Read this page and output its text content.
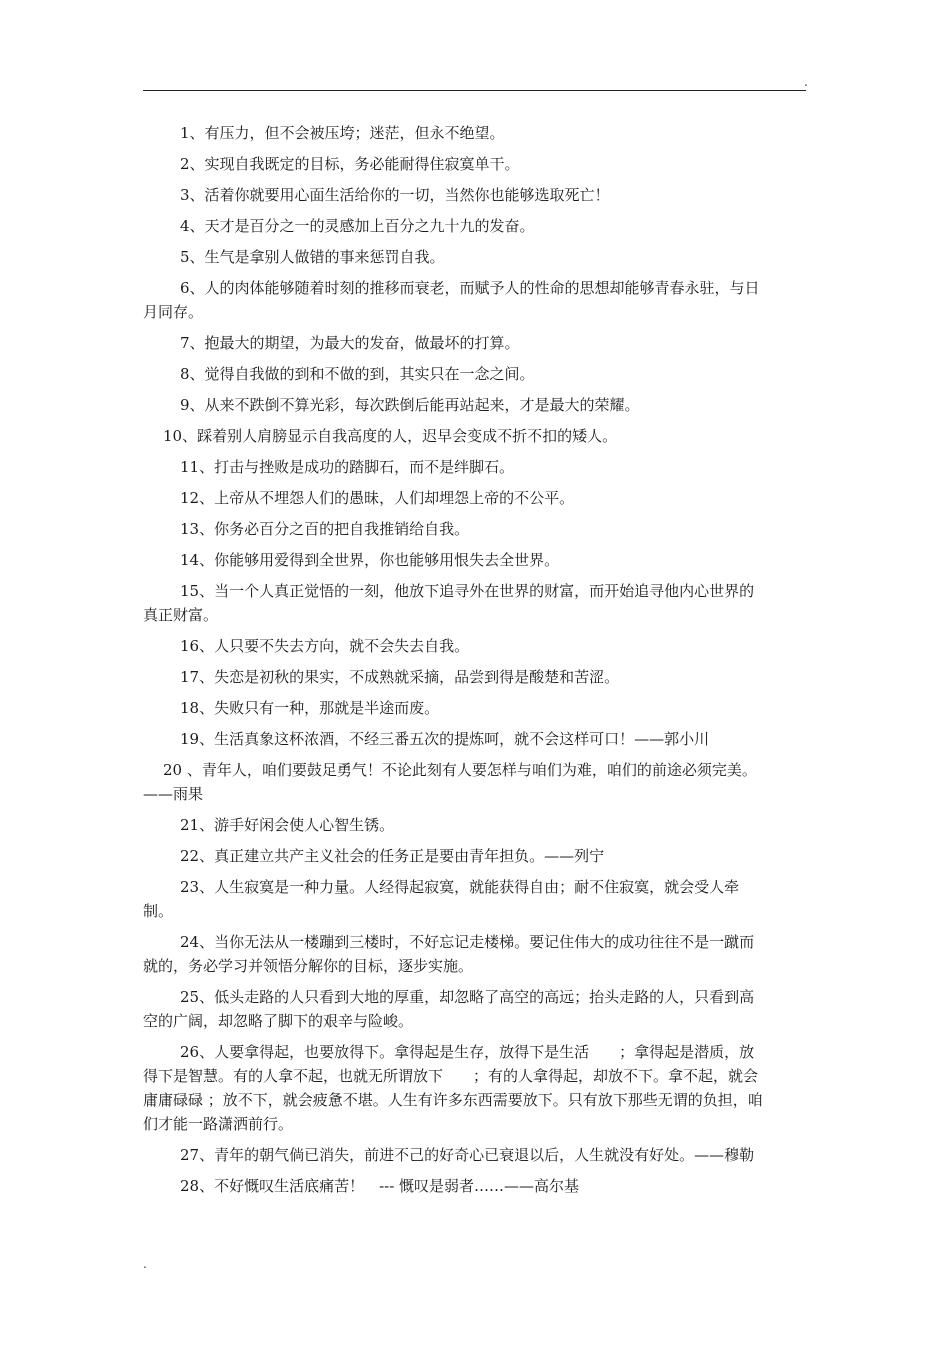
.

1、有压力，但不会被压垮；迷茫，但永不绝望。

2、实现自我既定的目标，务必能耐得住寂寞单干。

3、活着你就要用心面生活给你的一切，当然你也能够选取死亡！

4、天才是百分之一的灵感加上百分之九十九的发奋。

5、生气是拿别人做错的事来惩罚自我。

6、人的肉体能够随着时刻的推移而衰老，而赋予人的性命的思想却能够青春永驻，与日月同存。

7、抱最大的期望，为最大的发奋，做最坏的打算。

8、觉得自我做的到和不做的到，其实只在一念之间。

9、从来不跌倒不算光彩，每次跌倒后能再站起来，才是最大的荣耀。

10、踩着别人肩膀显示自我高度的人，迟早会变成不折不扣的矮人。

11、打击与挫败是成功的踏脚石，而不是绊脚石。

12、上帝从不埋怨人们的愚昧，人们却埋怨上帝的不公平。

13、你务必百分之百的把自我推销给自我。

14、你能够用爱得到全世界，你也能够用恨失去全世界。

15、当一个人真正觉悟的一刻，他放下追寻外在世界的财富，而开始追寻他内心世界的真正财富。

16、人只要不失去方向，就不会失去自我。

17、失恋是初秋的果实，不成熟就采摘，品尝到得是酸楚和苦涩。

18、失败只有一种，那就是半途而废。

19、生活真象这杯浓酒，不经三番五次的提炼呵，就不会这样可口！——郭小川

20 、青年人，咱们要鼓足勇气！不论此刻有人要怎样与咱们为难，咱们的前途必须完美。——雨果

21、游手好闲会使人心智生锈。

22、真正建立共产主义社会的任务正是要由青年担负。——列宁

23、人生寂寞是一种力量。人经得起寂寞，就能获得自由；耐不住寂寞，就会受人牵制。

24、当你无法从一楼蹦到三楼时，不好忘记走楼梯。要记住伟大的成功往往不是一蹴而就的，务必学习并领悟分解你的目标，逐步实施。

25、低头走路的人只看到大地的厚重，却忽略了高空的高远；抬头走路的人，只看到高空的广阔，却忽略了脚下的艰辛与险峻。

26、人要拿得起，也要放得下。拿得起是生存，放得下是生活　　；拿得起是潜质，放得下是智慧。有的人拿不起，也就无所谓放下　　；有的人拿得起，却放不下。拿不起，就会庸庸碌碌 ；放不下，就会疲惫不堪。人生有许多东西需要放下。只有放下那些无谓的负担，咱们才能一路潇洒前行。

27、青年的朝气倘已消失，前进不己的好奇心已衰退以后，人生就没有好处。——穆勒

28、不好慨叹生活底痛苦！　--- 慨叹是弱者……——高尔基

.
